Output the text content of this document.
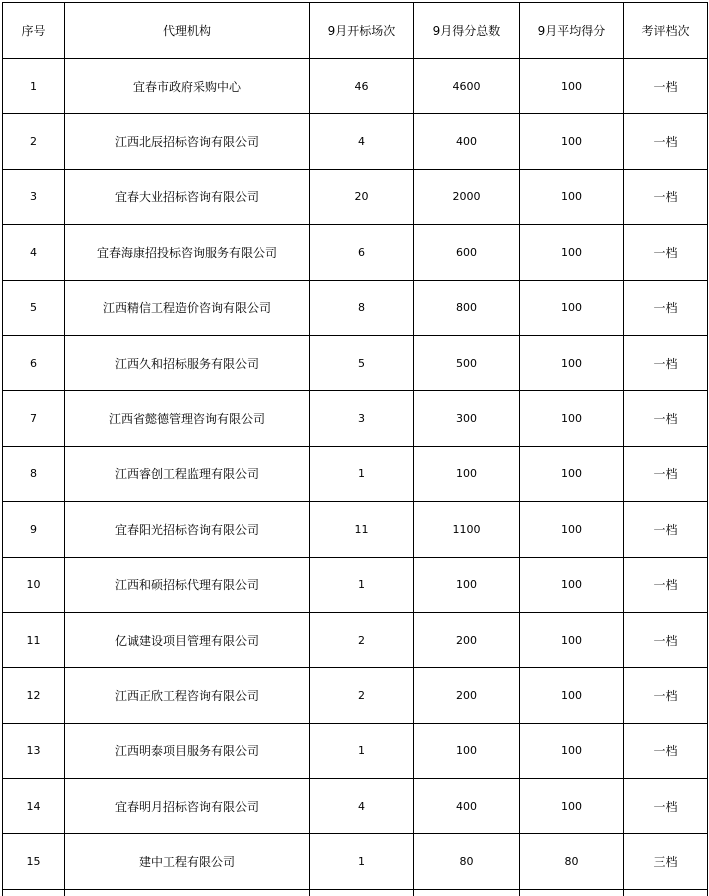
序号	代理机构	9月开标场次	9月得分总数	9月平均得分	考评档次
1	宜春市政府采购中心	46	4600	100	一档
2	江西北辰招标咨询有限公司	4	400	100	一档
3	宜春大业招标咨询有限公司	20	2000	100	一档
4	宜春海康招投标咨询服务有限公司	6	600	100	一档
5	江西精信工程造价咨询有限公司	8	800	100	一档
6	江西久和招标服务有限公司	5	500	100	一档
7	江西省懿德管理咨询有限公司	3	300	100	一档
8	江西睿创工程监理有限公司	1	100	100	一档
9	宜春阳光招标咨询有限公司	11	1100	100	一档
10	江西和硕招标代理有限公司	1	100	100	一档
11	亿诚建设项目管理有限公司	2	200	100	一档
12	江西正欣工程咨询有限公司	2	200	100	一档
13	江西明泰项目服务有限公司	1	100	100	一档
14	宜春明月招标咨询有限公司	4	400	100	一档
15	建中工程有限公司	1	80	80	三档
